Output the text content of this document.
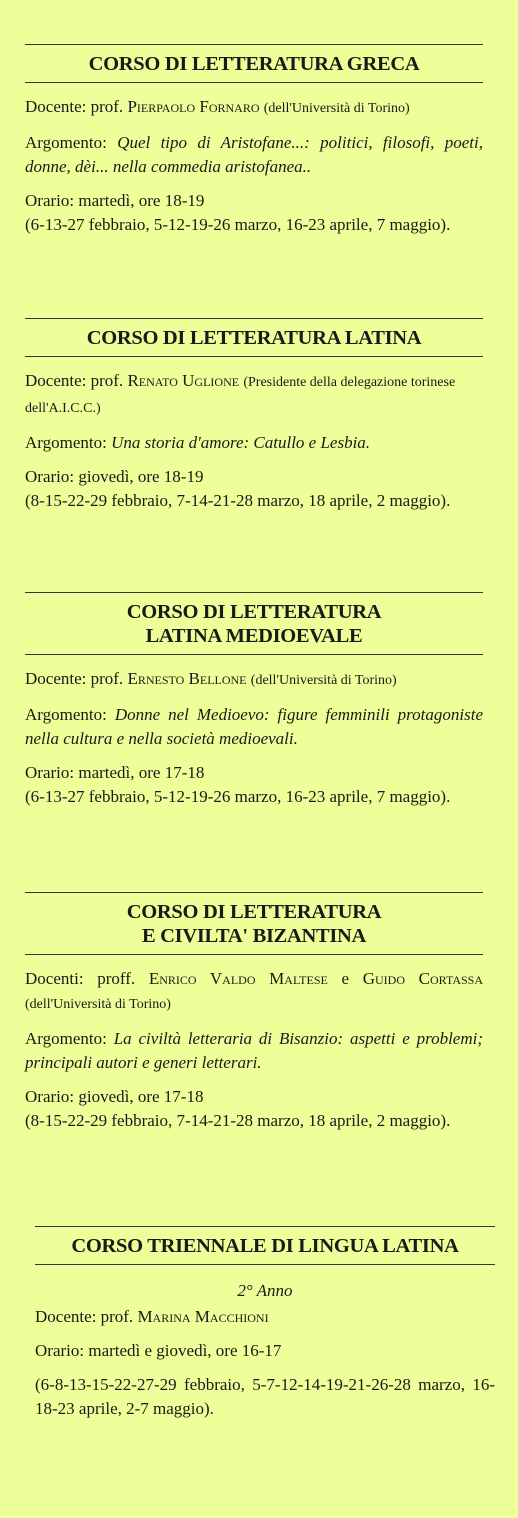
CORSO DI LETTERATURA GRECA
Docente: prof. Pierpaolo Fornaro (dell'Università di Torino)
Argomento: Quel tipo di Aristofane...: politici, filosofi, poeti, donne, dèi... nella commedia aristofanea..
Orario: martedì, ore 18-19
(6-13-27 febbraio, 5-12-19-26 marzo, 16-23 aprile, 7 maggio).
CORSO DI LETTERATURA LATINA
Docente: prof. Renato Uglione (Presidente della delegazione torinese dell'A.I.C.C.)
Argomento: Una storia d'amore: Catullo e Lesbia.
Orario: giovedì, ore 18-19
(8-15-22-29 febbraio, 7-14-21-28 marzo, 18 aprile, 2 maggio).
CORSO DI LETTERATURA
LATINA MEDIOEVALE
Docente: prof. Ernesto Bellone (dell'Università di Torino)
Argomento: Donne nel Medioevo: figure femminili protagoniste nella cultura e nella società medioevali.
Orario: martedì, ore 17-18
(6-13-27 febbraio, 5-12-19-26 marzo, 16-23 aprile, 7 maggio).
CORSO DI LETTERATURA
E CIVILTA' BIZANTINA
Docenti: proff. Enrico Valdo Maltese e Guido Cortassa (dell'Università di Torino)
Argomento: La civiltà letteraria di Bisanzio: aspetti e problemi; principali autori e generi letterari.
Orario: giovedì, ore 17-18
(8-15-22-29 febbraio, 7-14-21-28 marzo, 18 aprile, 2 maggio).
CORSO TRIENNALE DI LINGUA LATINA
2° Anno
Docente: prof. Marina Macchioni
Orario: martedì e giovedì, ore 16-17
(6-8-13-15-22-27-29 febbraio, 5-7-12-14-19-21-26-28 marzo, 16-18-23 aprile, 2-7 maggio).
